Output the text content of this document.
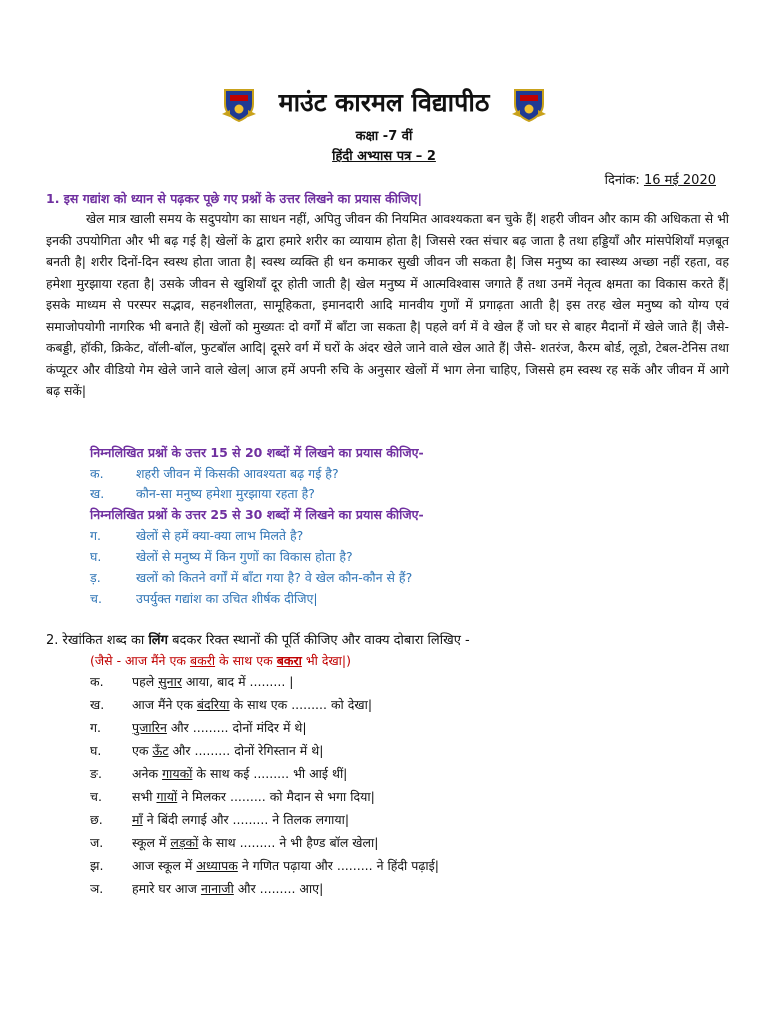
माउंट कारमल विद्यापीठ
कक्षा -7 वीं
हिंदी अभ्यास पत्र – 2
दिनांक: 16 मई 2020
1. इस गद्यांश को ध्यान से पढ़कर पूछे गए प्रश्नों के उत्तर लिखने का प्रयास कीजिए|

खेल मात्र खाली समय के सदुपयोग का साधन नहीं, अपितु जीवन की नियमित आवश्यकता बन चुके हैं| शहरी जीवन और काम की अधिकता से भी इनकी उपयोगिता और भी बढ़ गई है| खेलों के द्वारा हमारे शरीर का व्यायाम होता है| जिससे रक्त संचार बढ़ जाता है तथा हड्डियाँ और मांसपेशियाँ मज़बूत बनती है| शरीर दिनों-दिन स्वस्थ होता जाता है| स्वस्थ व्यक्ति ही धन कमाकर सुखी जीवन जी सकता है| जिस मनुष्य का स्वास्थ्य अच्छा नहीं रहता, वह हमेशा मुरझाया रहता है| उसके जीवन से खुशियाँ दूर होती जाती है| खेल मनुष्य में आत्मविश्वास जगाते हैं तथा उनमें नेतृत्व क्षमता का विकास करते हैं| इसके माध्यम से परस्पर सद्भाव, सहनशीलता, सामूहिकता, इमानदारी आदि मानवीय गुणों में प्रगाढ़ता आती है| इस तरह खेल मनुष्य को योग्य एवं समाजोपयोगी नागरिक भी बनाते हैं| खेलों को मुख्यतः दो वर्गों में बाँटा जा सकता है| पहले वर्ग में वे खेल हैं जो घर से बाहर मैदानों में खेले जाते हैं| जैसे- कबड्डी, हॉकी, क्रिकेट, वॉली-बॉल, फुटबॉल आदि| दूसरे वर्ग में घरों के अंदर खेले जाने वाले खेल आते हैं| जैसे- शतरंज, कैरम बोर्ड, लूडो, टेबल-टेनिस तथा कंप्यूटर और वीडियो गेम खेले जाने वाले खेल| आज हमें अपनी रुचि के अनुसार खेलों में भाग लेना चाहिए, जिससे हम स्वस्थ रह सकें और जीवन में आगे बढ़ सकें|

निम्नलिखित प्रश्नों के उत्तर 15 से 20 शब्दों में लिखने का प्रयास कीजिए-
क.	शहरी जीवन में किसकी आवश्यता बढ़ गई है?
ख.	कौन-सा मनुष्य हमेशा मुरझाया रहता है?
निम्नलिखित प्रश्नों के उत्तर 25 से 30 शब्दों में लिखने का प्रयास कीजिए-
ग.	खेलों से हमें क्या-क्या लाभ मिलते है?
घ.	खेलों से मनुष्य में किन गुणों का विकास होता है?
ड़.	खलों को कितने वर्गों में बाँटा गया है? वे खेल कौन-कौन से हैं?
च.	उपर्युक्त गद्यांश का उचित शीर्षक दीजिए|
2. रेखांकित शब्द का लिंग बदकर रिक्त स्थानों की पूर्ति कीजिए और वाक्य दोबारा लिखिए -
(जैसे - आज मैंने एक बकरी के साथ एक बकरा भी देखा|)
क. पहले सुनार आया, बाद में ......... |
ख. आज मैंने एक बंदरिया के साथ एक ......... को देखा|
ग. पुजारिन और ......... दोनों मंदिर में थे|
घ. एक ऊँट और ......... दोनों रेगिस्तान में थे|
ङ. अनेक गायकों के साथ कई ......... भी आई थीं|
च. सभी गायों ने मिलकर ......... को मैदान से भगा दिया|
छ. माँ ने बिंदी लगाई और ......... ने तिलक लगाया|
ज. स्कूल में लड़कों के साथ ......... ने भी हैण्ड बॉल खेला|
झ. आज स्कूल में अध्यापक ने गणित पढ़ाया और ......... ने हिंदी पढ़ाई|
ञ. हमारे घर आज नानाजी और ......... आए|
